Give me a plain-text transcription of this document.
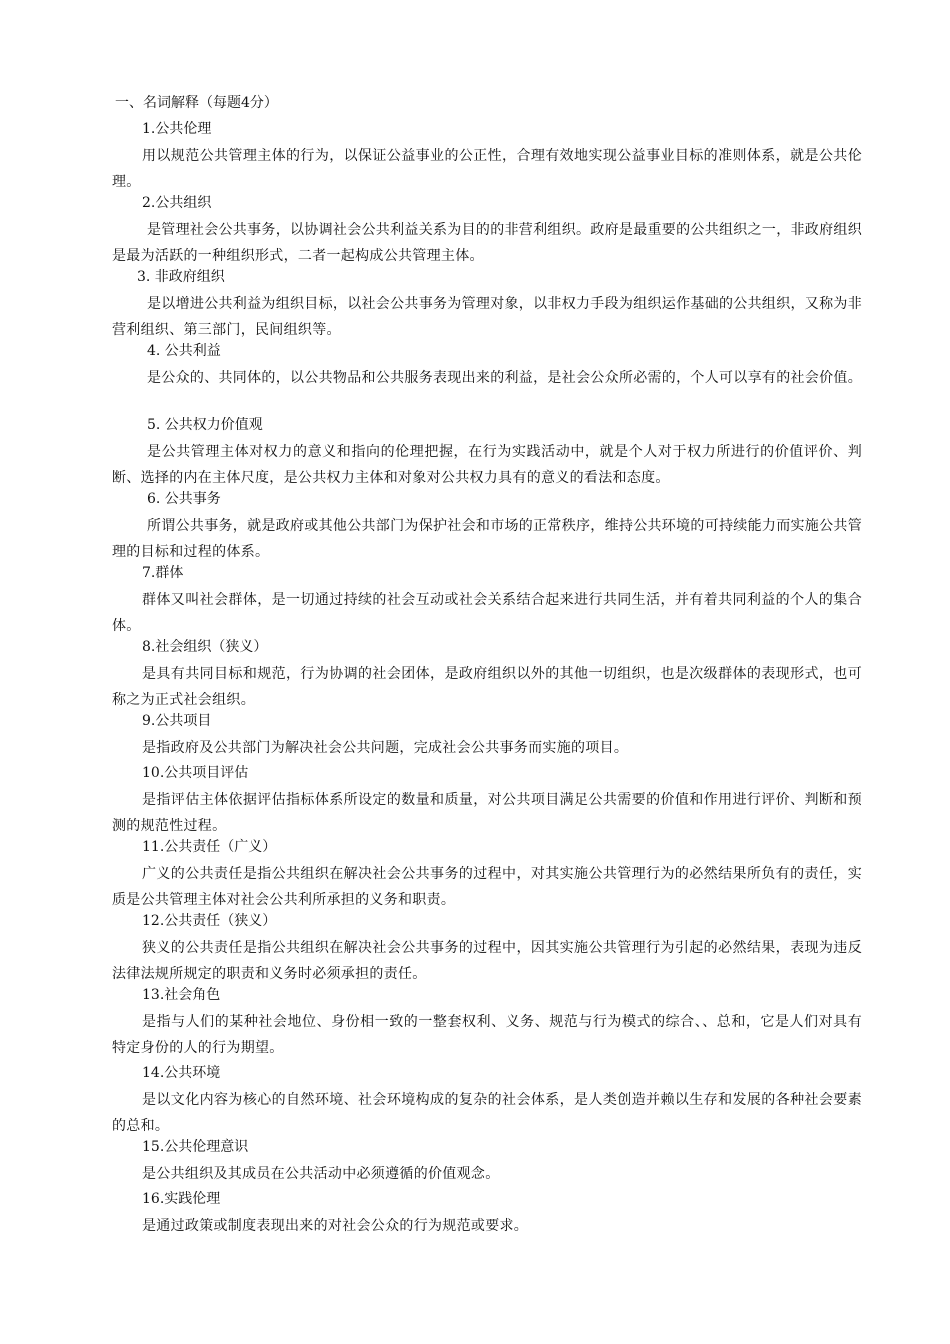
一、名词解释（每题4分）

1.公共伦理

用以规范公共管理主体的行为，以保证公益事业的公正性，合理有效地实现公益事业目标的准则体系，就是公共伦理。

2.公共组织

是管理社会公共事务，以协调社会公共利益关系为目的的非营利组织。政府是最重要的公共组织之一，非政府组织是最为活跃的一种组织形式，二者一起构成公共管理主体。

3. 非政府组织

是以增进公共利益为组织目标，以社会公共事务为管理对象，以非权力手段为组织运作基础的公共组织，又称为非营利组织、第三部门，民间组织等。

4. 公共利益

是公众的、共同体的，以公共物品和公共服务表现出来的利益，是社会公众所必需的，个人可以享有的社会价值。

5. 公共权力价值观

是公共管理主体对权力的意义和指向的伦理把握，在行为实践活动中，就是个人对于权力所进行的价值评价、判断、选择的内在主体尺度，是公共权力主体和对象对公共权力具有的意义的看法和态度。

6. 公共事务

所谓公共事务，就是政府或其他公共部门为保护社会和市场的正常秩序，维持公共环境的可持续能力而实施公共管理的目标和过程的体系。

7.群体

群体又叫社会群体，是一切通过持续的社会互动或社会关系结合起来进行共同生活，并有着共同利益的个人的集合体。

8.社会组织（狭义）

是具有共同目标和规范，行为协调的社会团体，是政府组织以外的其他一切组织，也是次级群体的表现形式，也可称之为正式社会组织。

9.公共项目

是指政府及公共部门为解决社会公共问题，完成社会公共事务而实施的项目。

10.公共项目评估

是指评估主体依据评估指标体系所设定的数量和质量，对公共项目满足公共需要的价值和作用进行评价、判断和预测的规范性过程。

11.公共责任（广义）

广义的公共责任是指公共组织在解决社会公共事务的过程中，对其实施公共管理行为的必然结果所负有的责任，实质是公共管理主体对社会公共利所承担的义务和职责。

12.公共责任（狭义）

狭义的公共责任是指公共组织在解决社会公共事务的过程中，因其实施公共管理行为引起的必然结果，表现为违反法律法规所规定的职责和义务时必须承担的责任。

13.社会角色

是指与人们的某种社会地位、身份相一致的一整套权利、义务、规范与行为模式的综合、、总和，它是人们对具有特定身份的人的行为期望。

14.公共环境

是以文化内容为核心的自然环境、社会环境构成的复杂的社会体系，是人类创造并赖以生存和发展的各种社会要素的总和。

15.公共伦理意识

是公共组织及其成员在公共活动中必须遵循的价值观念。

16.实践伦理

是通过政策或制度表现出来的对社会公众的行为规范或要求。
